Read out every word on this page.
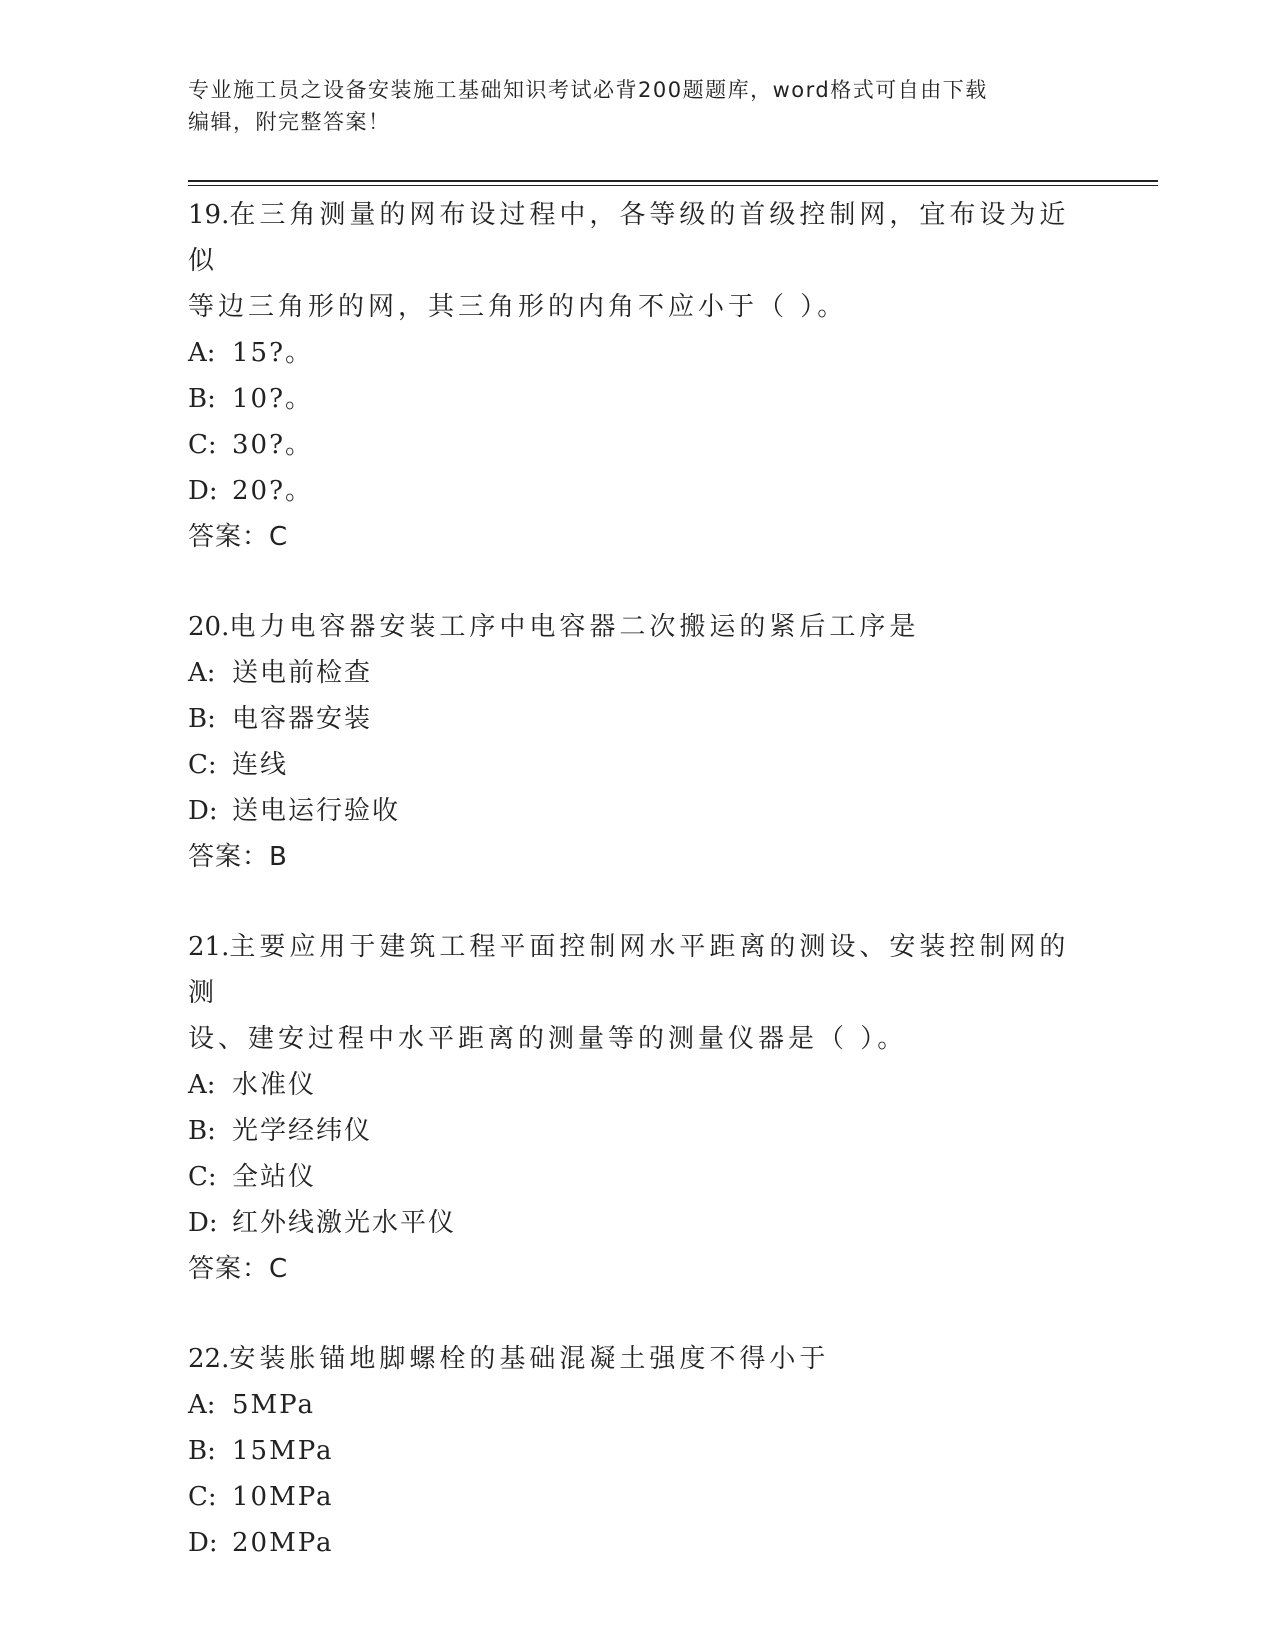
专业施工员之设备安装施工基础知识考试必背200题题库，word格式可自由下载
编辑，附完整答案！

19.在三角测量的网布设过程中，各等级的首级控制网，宜布设为近似

等边三角形的网，其三角形的内角不应小于（ ）。

A: 15?。

B: 10?。

C: 30?。

D: 20?。

答案：C

20.电力电容器安装工序中电容器二次搬运的紧后工序是

A: 送电前检查

B: 电容器安装

C: 连线

D: 送电运行验收

答案：B

21.主要应用于建筑工程平面控制网水平距离的测设、安装控制网的测

设、建安过程中水平距离的测量等的测量仪器是（ ）。

A: 水准仪

B: 光学经纬仪

C: 全站仪

D: 红外线激光水平仪

答案：C

22.安装胀锚地脚螺栓的基础混凝土强度不得小于

A: 5MPa

B: 15MPa

C: 10MPa

D: 20MPa
